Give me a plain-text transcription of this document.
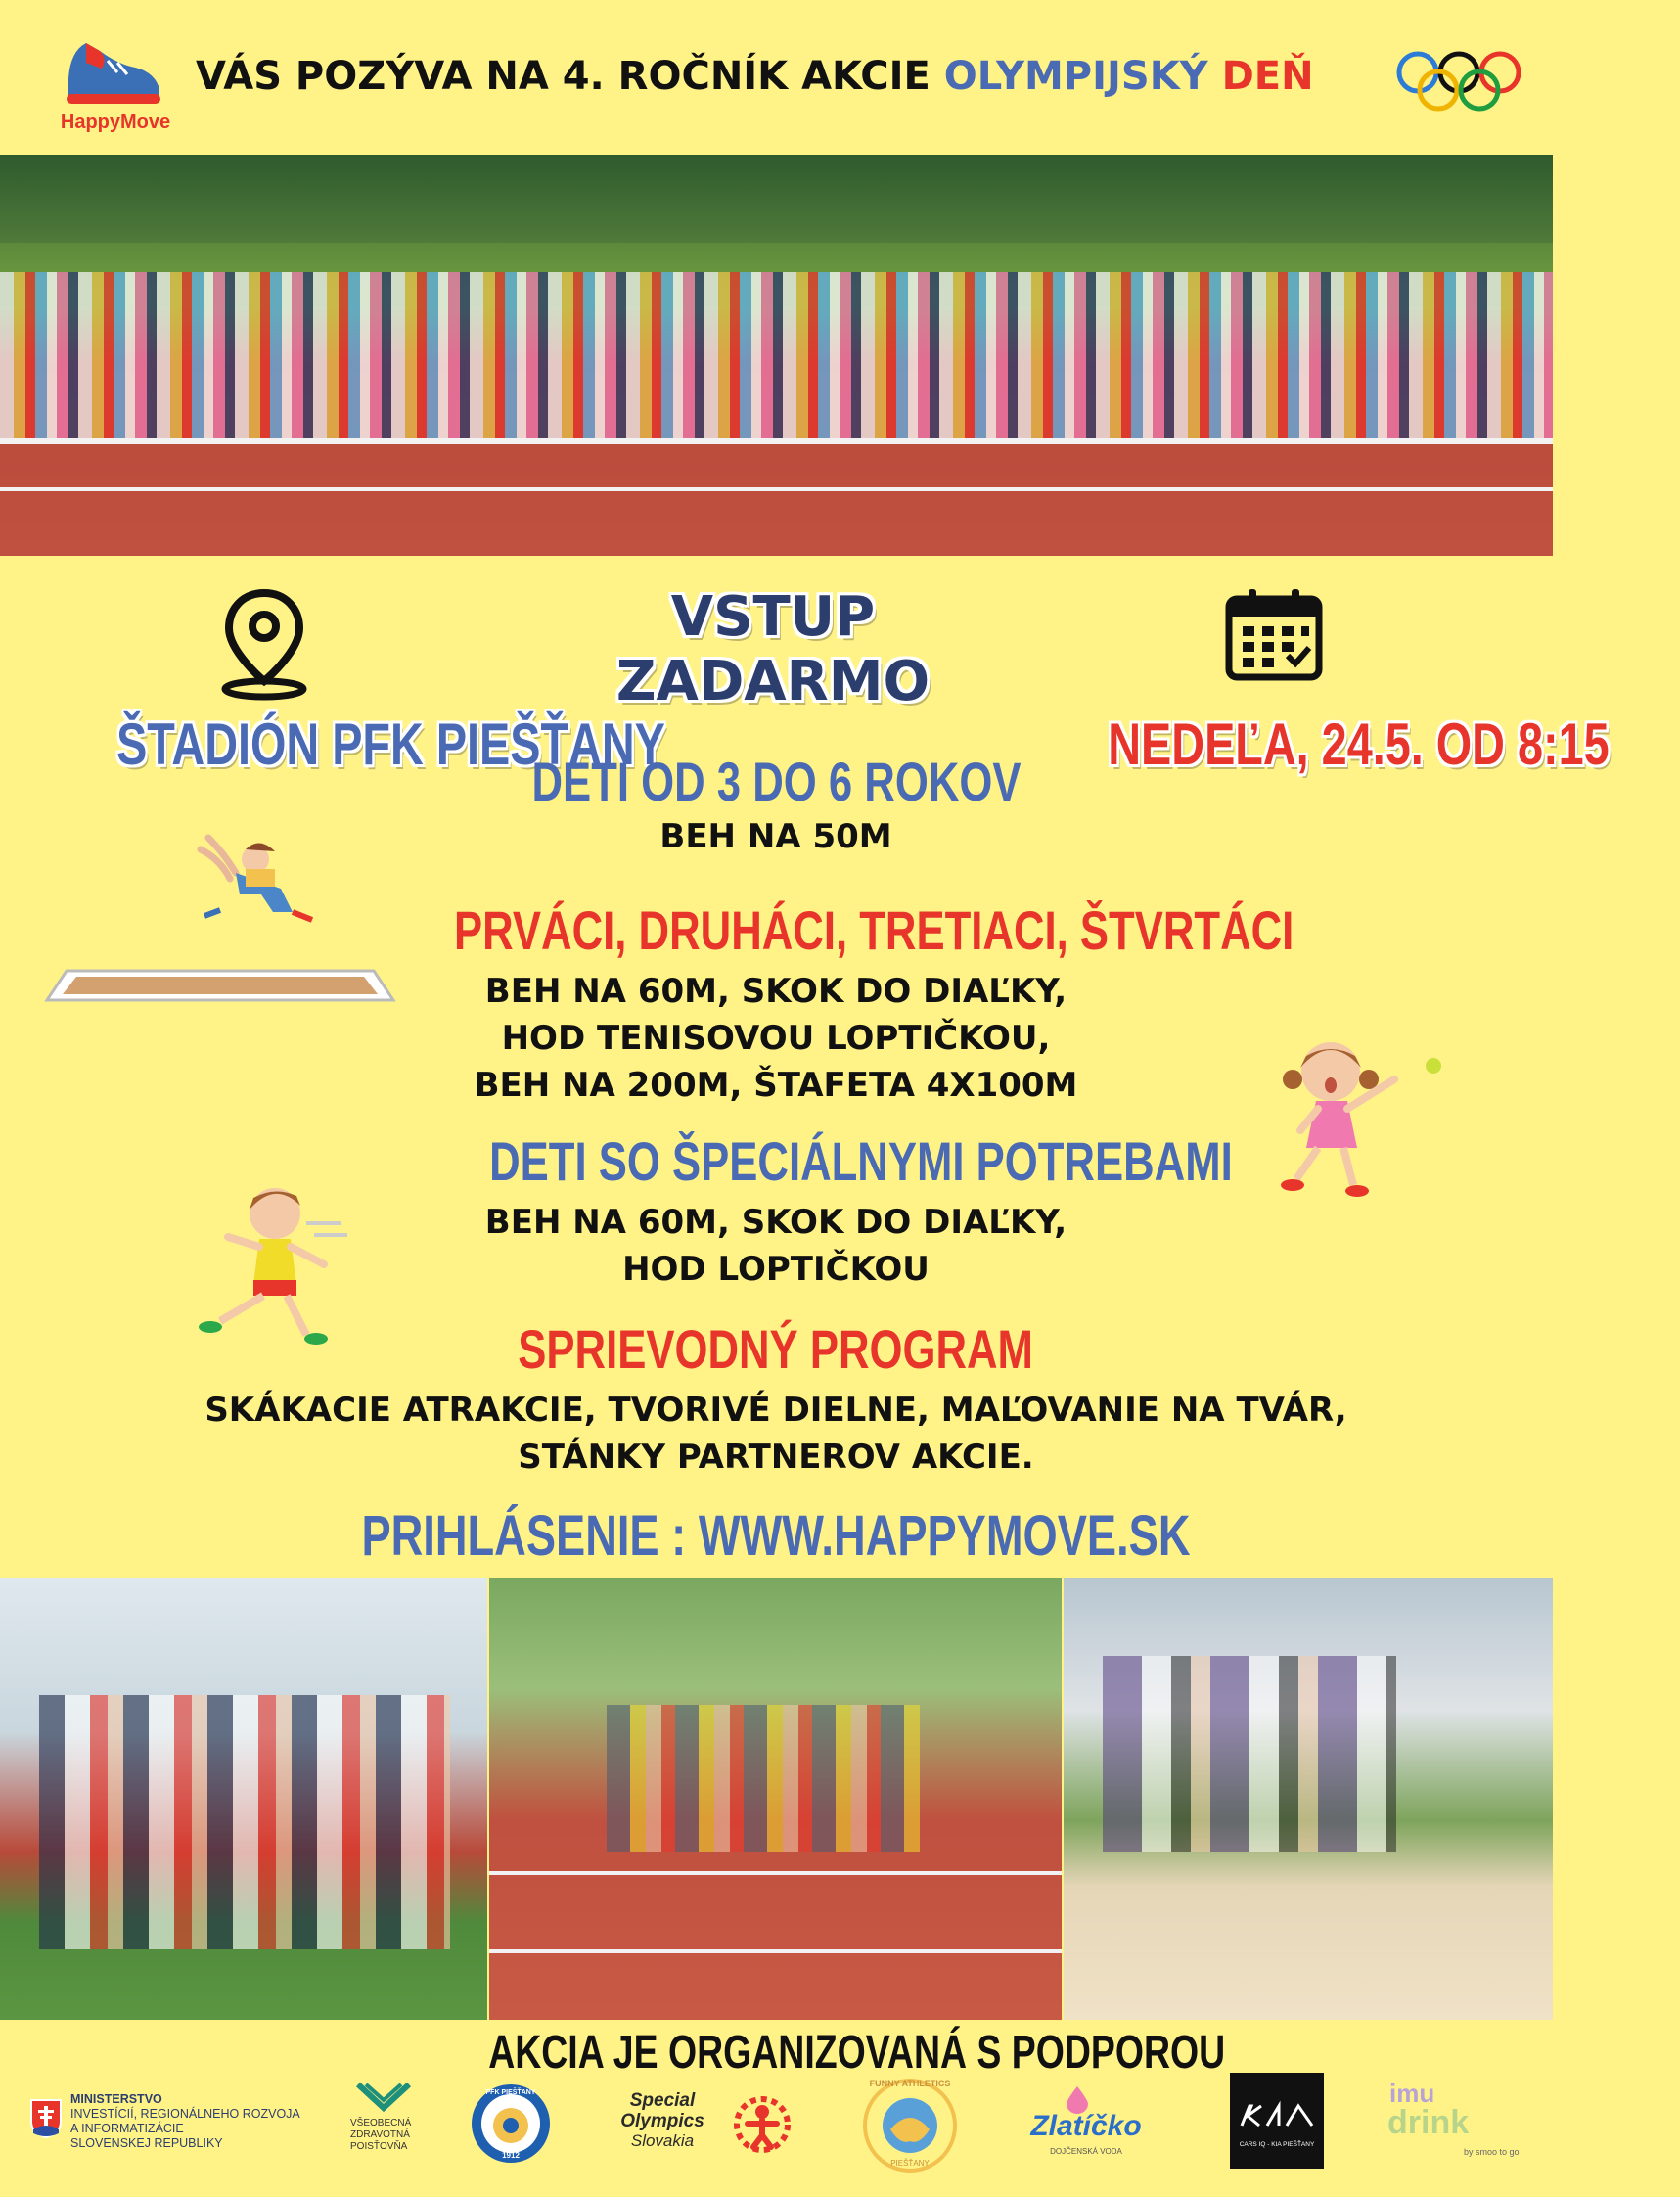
HappyMove
VÁS POZÝVA NA 4. ROČNÍK AKCIE OLYMPIJSKÝ DEŇ
VSTUP
ZADARMO
ŠTADIÓN PFK PIEŠŤANY	NEDEĽA, 24.5. OD 8:15
DETI OD 3 DO 6 ROKOV
BEH NA 50M
PRVÁCI, DRUHÁCI, TRETIACI, ŠTVRTÁCI
BEH NA 60M, SKOK DO DIAĽKY,
HOD TENISOVOU LOPTIČKOU,
BEH NA 200M, ŠTAFETA 4X100M
DETI SO ŠPECIÁLNYMI POTREBAMI
BEH NA 60M, SKOK DO DIAĽKY,
HOD LOPTIČKOU
SPRIEVODNÝ PROGRAM
SKÁKACIE ATRAKCIE, TVORIVÉ DIELNE, MAĽOVANIE NA TVÁR,
STÁNKY PARTNEROV AKCIE.
PRIHLÁSENIE : WWW.HAPPYMOVE.SK
AKCIA JE ORGANIZOVANÁ S PODPOROU
MINISTERSTVO
INVESTÍCIÍ, REGIONÁLNEHO ROZVOJA
A INFORMATIZÁCIE
SLOVENSKEJ REPUBLIKY
VŠEOBECNÁ
ZDRAVOTNÁ
POISŤOVŇA
PFK PIEŠŤANY
1912
Special
Olympics
Slovakia
FUNNY ATHLETICS
PIEŠŤANY
Zlatíčko
DOJČENSKÁ VODA
CARS IQ - KIA PIEŠŤANY
imu
drink
by smoo to go
